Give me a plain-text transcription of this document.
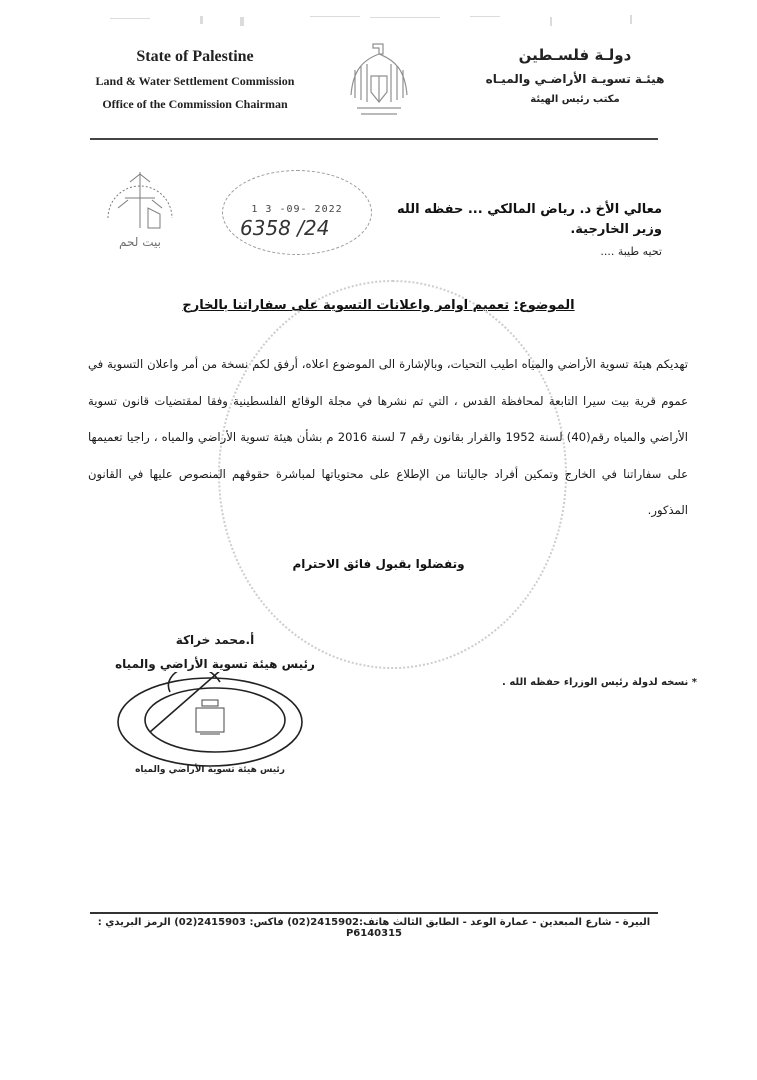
State of Palestine
Land & Water Settlement Commission
Office of the Commission Chairman
دولـة فلسـطين
هيئـة تسويـة الأراضـي والميـاه
مكتب رئيس الهيئة
بيت لحم
1 3 -09- 2022
6358 /24
معالي الأخ د. رياض المالكي ... حفظه الله
وزير الخارجية.
تحيه طيبة ....
الموضوع: تعميم اوامر واعلانات التسوية على سفاراتنا بالخارج
تهديكم هيئة تسوية الأراضي والمياه اطيب التحيات، وبالإشارة الى الموضوع اعلاه، أرفق لكم نسخة من أمر واعلان التسوية في عموم قرية بيت سيرا التابعة لمحافظة القدس ، التي تم نشرها في مجلة الوقائع الفلسطينية وفقا لمقتضيات قانون تسوية الأراضي والمياه رقم(40) لسنة 1952 والقرار بقانون رقم 7 لسنة 2016 م بشأن هيئة تسوية الأراضي والمياه ، راجيا تعميمها على سفاراتنا في الخارج وتمكين أفراد جالياتنا من الإطلاع على محتوياتها لمباشرة حقوقهم المنصوص عليها في القانون المذكور.
وتفضلوا بقبول فائق الاحترام
أ.محمد خراكة
رئيس هيئة تسوية الأراضي والمياه
رئيس هيئة تسوية الأراضي والمياه
* نسخه لدولة رئيس الوزراء حفظه الله .
البيرة - شارع المبعدين - عمارة الوعد - الطابق الثالث هاتف:2415902(02) فاكس: 2415903(02) الرمز البريدي : P6140315
